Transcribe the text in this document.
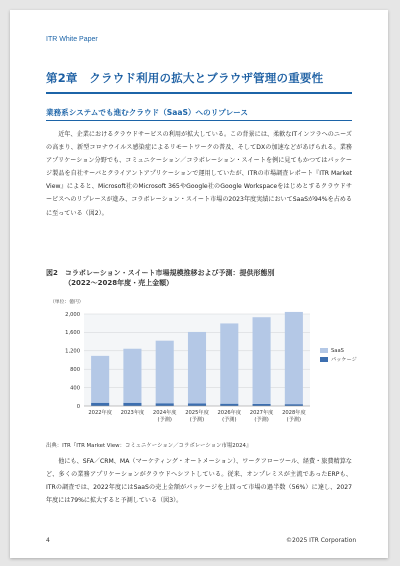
ITR White Paper
第2章　クラウド利用の拡大とブラウザ管理の重要性
業務系システムでも進むクラウド（SaaS）へのリプレース

近年、企業におけるクラウドサービスの利用が拡大している。この背景には、柔軟なITインフラへのニーズの高まり、新型コロナウイルス感染症によるリモートワークの普及、そしてDXの加速などがあげられる。業務アプリケーション分野でも、コミュニケーション／コラボレーション・スイートを例に見てもかつてはパッケージ製品を自社サーバとクライアントアプリケーションで運用していたが、ITRの市場調査レポート『ITR Market View』によると、Microsoft社のMicrosoft 365やGoogle社のGoogle Workspaceをはじめとするクラウドサービスへのリプレースが進み、コラボレーション・スイート市場の2023年度実績においてSaaSが94%を占めるに至っている（図2）。

図2　コラボレーション・スイート市場規模推移および予測：提供形態別
（2022～2028年度・売上金額）
（単位：億円）
0
400
800
1,200
1,600
2,000
2022年度 2023年度 2024年度
(予測)
2025年度
(予測)
2026年度
(予測)
2027年度
(予測)
2028年度
(予測)
SaaS
パッケージ
出典：ITR『ITR Market View：コミュニケーション／コラボレーション市場2024』

他にも、SFA／CRM、MA（マーケティング・オートメーション）、ワークフローツール、経費・旅費精算など、多くの業務アプリケーションがクラウドへシフトしている。従来、オンプレミスが主流であったERPも、ITRの調査では、2022年度にはSaaSの売上金額がパッケージを上回って市場の過半数（56%）に達し、2027年度には79%に拡大すると予測している（図3）。

4	©2025 ITR Corporation
